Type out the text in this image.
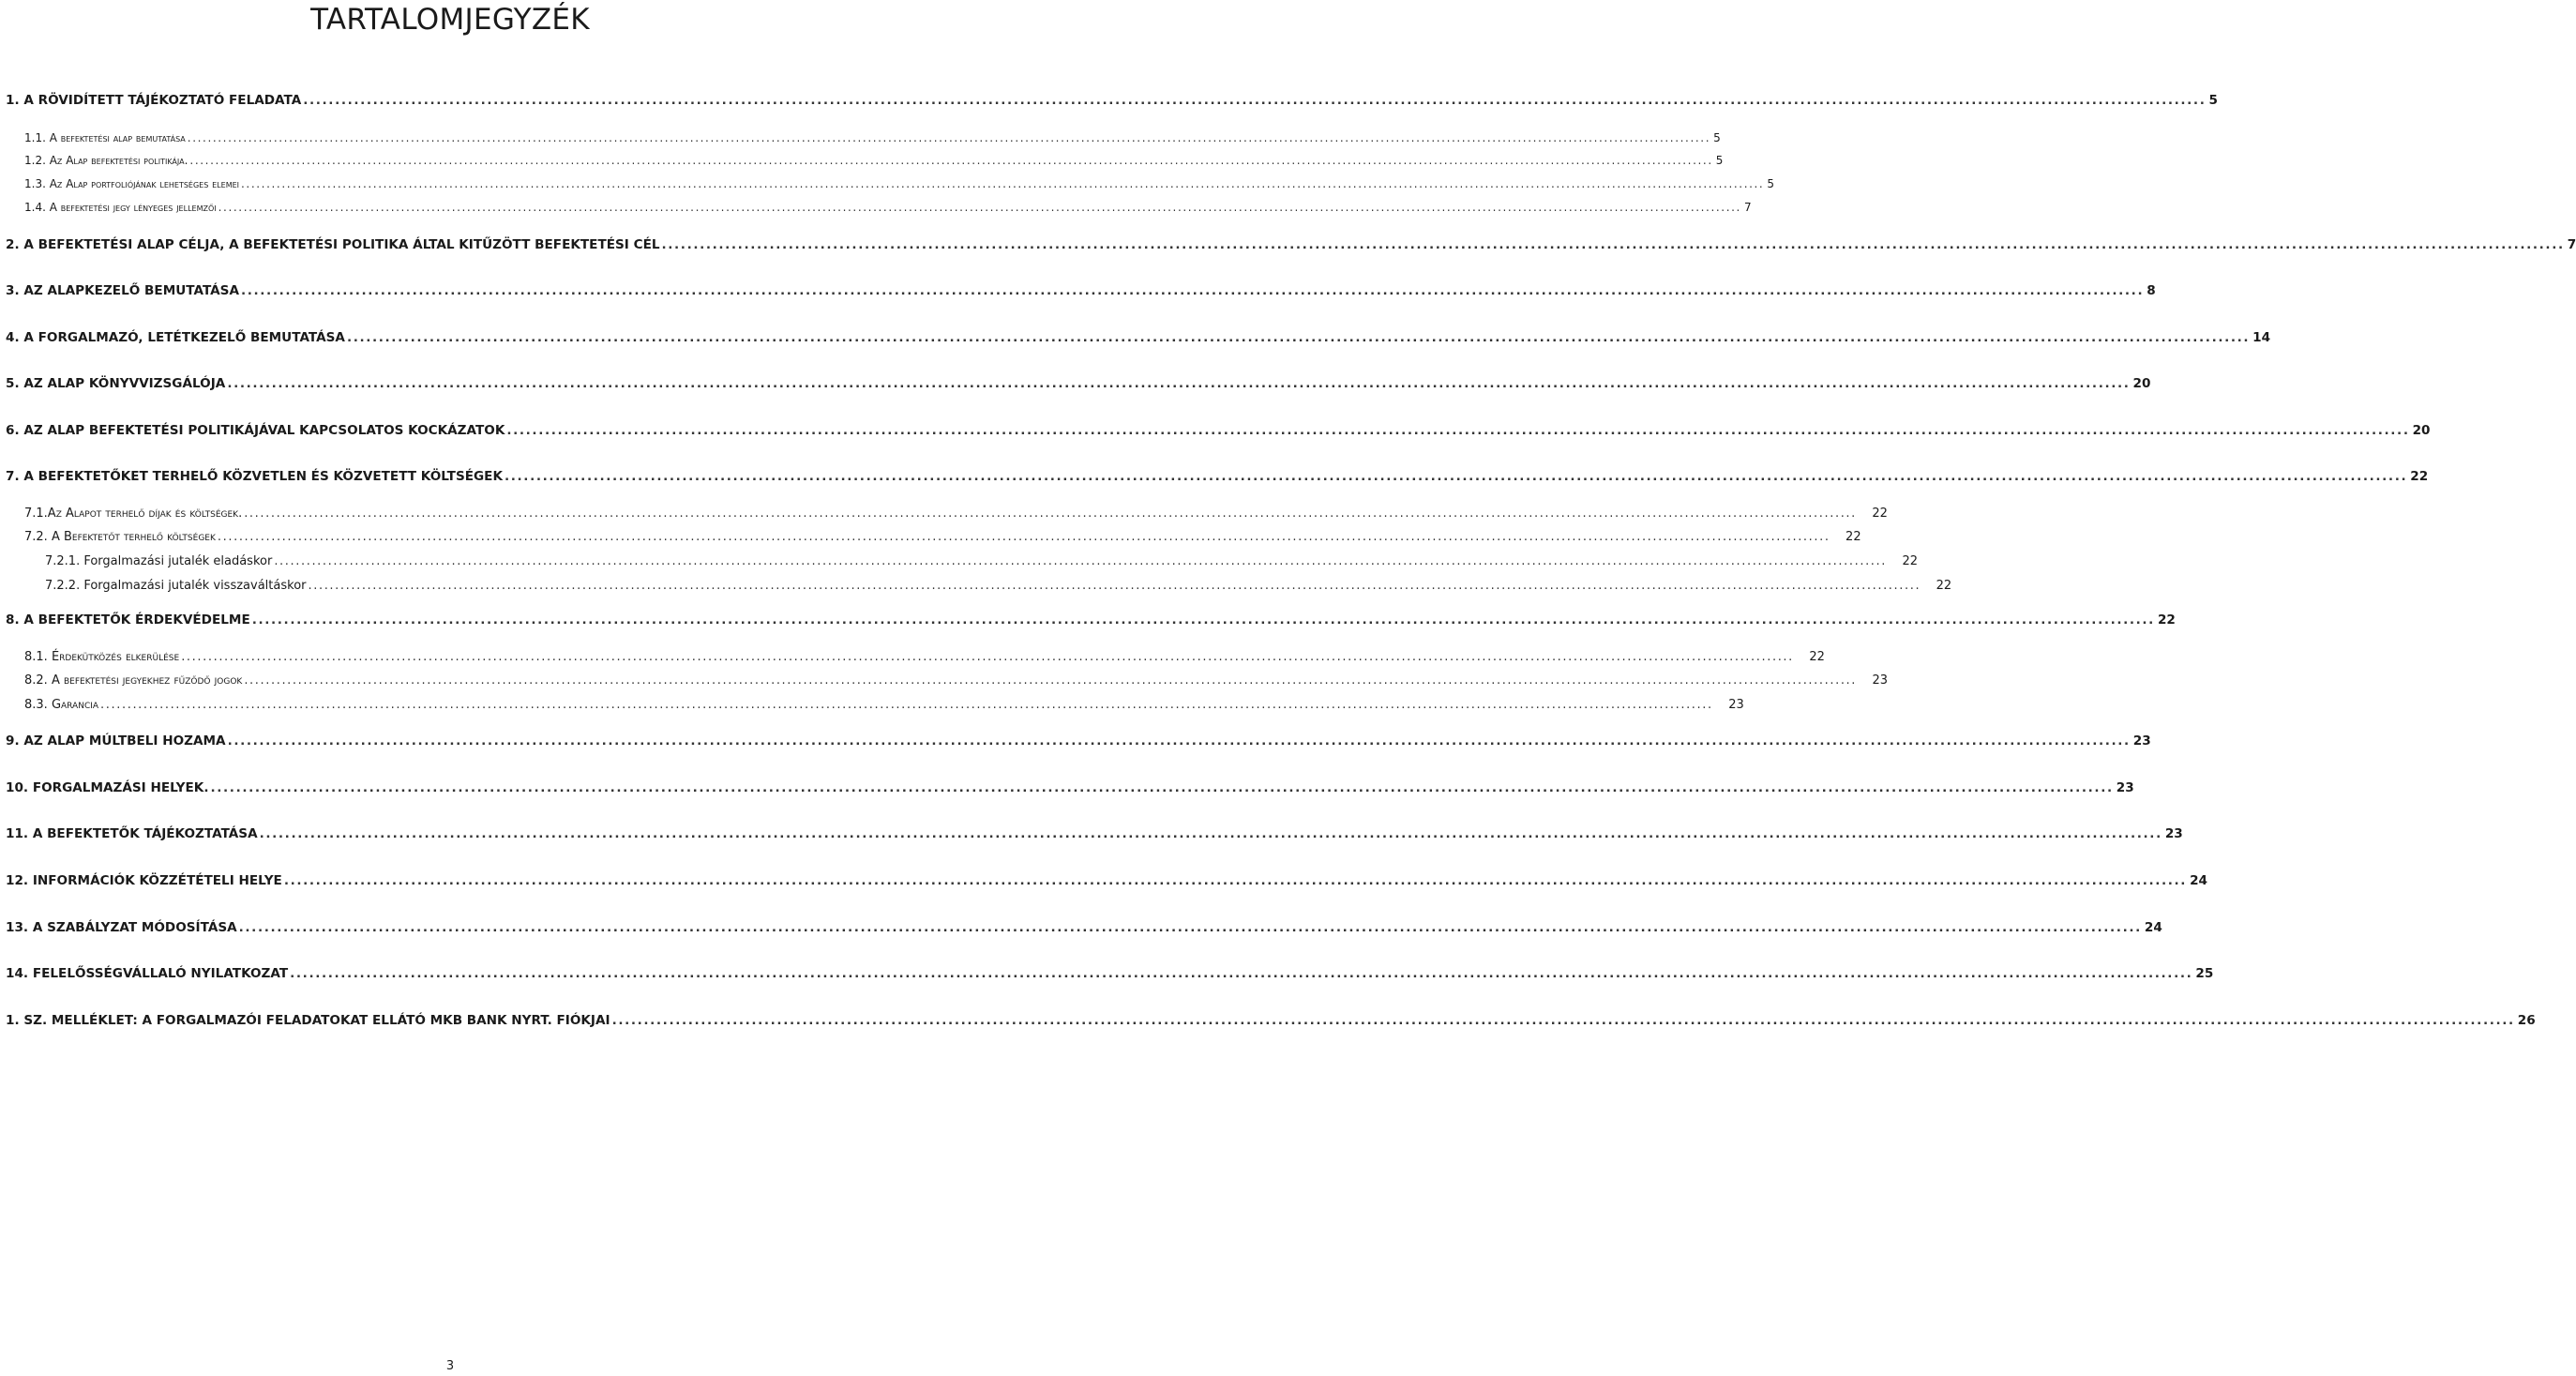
TARTALOMJEGYZÉK
1. A RÖVIDÍTETT TÁJÉKOZTATÓ FELADATA ............................................................................................................................................................................................................................................................................................................ 5
1.1. A befektetési alap bemutatása ............................................................................................................................................................................................................................................................................................................ 5
1.2. Az Alap befektetési politikája. ............................................................................................................................................................................................................................................................................................................ 5
1.3. Az Alap portfoliójának lehetséges elemei ............................................................................................................................................................................................................................................................................................................ 5
1.4. A befektetési jegy lényeges jellemzői ............................................................................................................................................................................................................................................................................................................ 7
2. A BEFEKTETÉSI ALAP CÉLJA, A BEFEKTETÉSI POLITIKA ÁLTAL KITŰZÖTT BEFEKTETÉSI CÉL ............................................................................................................................................................................................................................................................................................................ 7
3. AZ ALAPKEZELŐ BEMUTATÁSA ............................................................................................................................................................................................................................................................................................................ 8
4. A FORGALMAZÓ, LETÉTKEZELŐ BEMUTATÁSA ............................................................................................................................................................................................................................................................................................................ 14
5. AZ ALAP KÖNYVVIZSGÁLÓJA ............................................................................................................................................................................................................................................................................................................ 20
6. AZ ALAP BEFEKTETÉSI POLITIKÁJÁVAL KAPCSOLATOS KOCKÁZATOK ............................................................................................................................................................................................................................................................................................................ 20
7. A BEFEKTETŐKET TERHELŐ KÖZVETLEN ÉS KÖZVETETT KÖLTSÉGEK ............................................................................................................................................................................................................................................................................................................ 22
7.1.Az Alapot terhelő díjak és költségek. ............................................................................................................................................................................................................................................................................................................	22
7.2. A Befektetőt terhelő költségek ............................................................................................................................................................................................................................................................................................................	22
7.2.1. Forgalmazási jutalék eladáskor ............................................................................................................................................................................................................................................................................................................	22
7.2.2. Forgalmazási jutalék visszaváltáskor ............................................................................................................................................................................................................................................................................................................	22
8. A BEFEKTETŐK ÉRDEKVÉDELME ............................................................................................................................................................................................................................................................................................................ 22
8.1. Érdekütközés elkerülése ............................................................................................................................................................................................................................................................................................................	22
8.2. A befektetési jegyekhez fűződő jogok ............................................................................................................................................................................................................................................................................................................	23
8.3. Garancia ............................................................................................................................................................................................................................................................................................................	23
9. AZ ALAP MÚLTBELI HOZAMA ............................................................................................................................................................................................................................................................................................................ 23
10. FORGALMAZÁSI HELYEK. ............................................................................................................................................................................................................................................................................................................ 23
11. A BEFEKTETŐK TÁJÉKOZTATÁSA ............................................................................................................................................................................................................................................................................................................ 23
12. INFORMÁCIÓK KÖZZÉTÉTELI HELYE ............................................................................................................................................................................................................................................................................................................ 24
13. A SZABÁLYZAT MÓDOSÍTÁSA ............................................................................................................................................................................................................................................................................................................ 24
14. FELELŐSSÉGVÁLLALÓ NYILATKOZAT ............................................................................................................................................................................................................................................................................................................ 25
1. SZ. MELLÉKLET: A FORGALMAZÓI FELADATOKAT ELLÁTÓ MKB BANK NYRT. FIÓKJAI ............................................................................................................................................................................................................................................................................................................ 26

3
